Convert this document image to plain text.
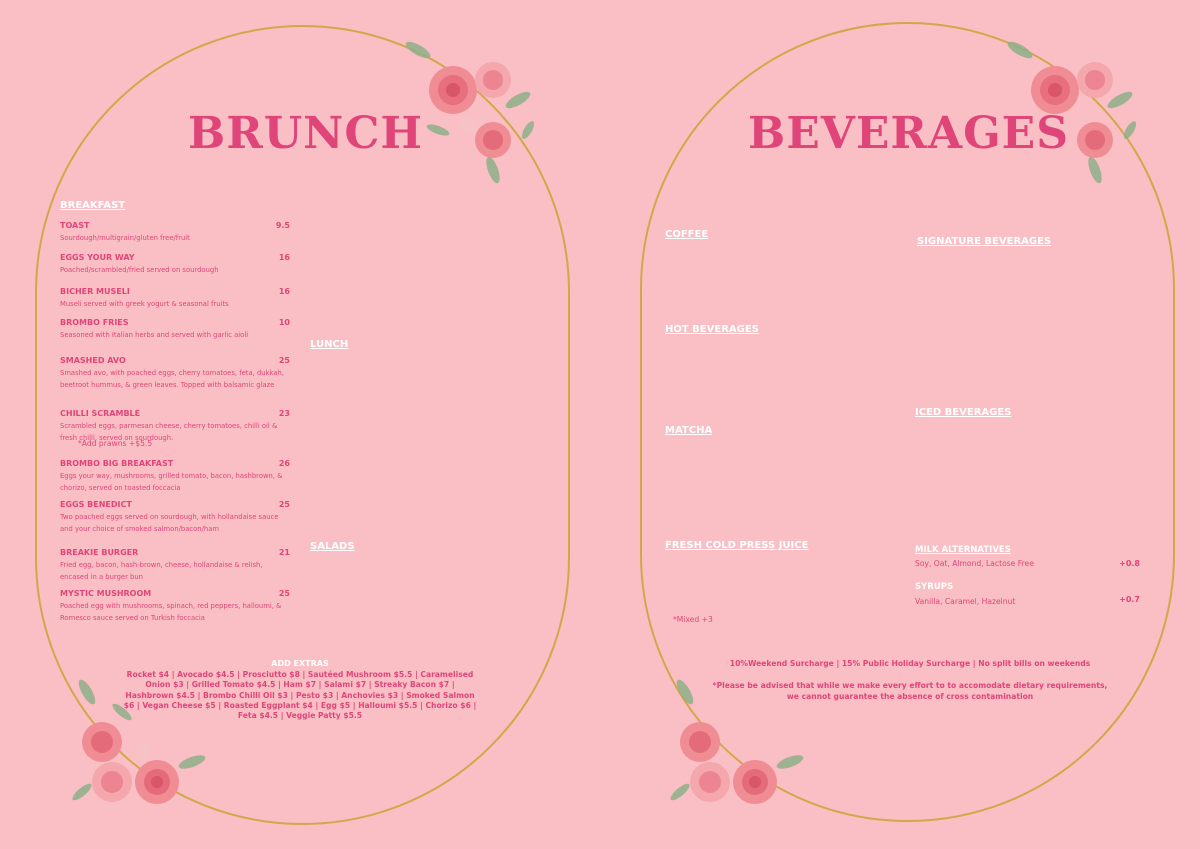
BRUNCH	BEVERAGES
BREAKFAST
TOAST	9.5
Sourdough/multigrain/gluten free/fruit
EGGS YOUR WAY	16
Poached/scrambled/fried served on sourdough
BICHER MUSELI	16
Museli served with greek yogurt & seasonal fruits
BROMBO FRIES	10
Seasoned with Italian herbs and served with garlic aioli
SMASHED AVO	25
Smashed avo, with poached eggs, cherry tomatoes, feta, dukkah, beetroot hummus, & green leaves. Topped with balsamic glaze
CHILLI SCRAMBLE	23
Scrambled eggs, parmesan cheese, cherry tomatoes, chilli oil & fresh chilli, served on sourdough.
*Add prawns +$5.5
BROMBO BIG BREAKFAST	26
Eggs your way, mushrooms, grilled tomato, bacon, hashbrown, & chorizo, served on toasted foccacia
EGGS BENEDICT	25
Two poached eggs served on sourdough, with hollandaise sauce and your choice of smoked salmon/bacon/ham
BREAKIE BURGER	21
Fried egg, bacon, hash-brown, cheese, hollandaise & relish, encased in a burger bun
MYSTIC MUSHROOM	25
Poached egg with mushrooms, spinach, red peppers, halloumi, & Romesco sauce served on Turkish foccacia
LUNCH
SALADS
ADD EXTRAS
Rocket $4 | Avocado $4.5 | Prosciutto $8 | Sautéed Mushroom $5.5 | Caramelised Onion $3 | Grilled Tomato $4.5 | Ham $7 | Salami $7 | Streaky Bacon $7 | Hashbrown $4.5 | Brombo Chilli Oil $3 | Pesto $3 | Anchovies $3 | Smoked Salmon $6 | Vegan Cheese $5 | Roasted Eggplant $4 | Egg $5 | Halloumi $5.5 | Chorizo $6 | Feta $4.5 | Veggie Patty $5.5
COFFEE
HOT BEVERAGES
MATCHA
FRESH COLD PRESS JUICE
*Mixed +3
SIGNATURE BEVERAGES
ICED BEVERAGES
MILK ALTERNATIVES
Soy, Oat, Almond, Lactose Free	+0.8
SYRUPS
Vanilla, Caramel, Hazelnut	+0.7
10%Weekend Surcharge | 15% Public Holiday Surcharge | No split bills on weekends
*Please be advised that while we make every effort to to accomodate dietary requirements, we cannot guarantee the absence of cross contamination
